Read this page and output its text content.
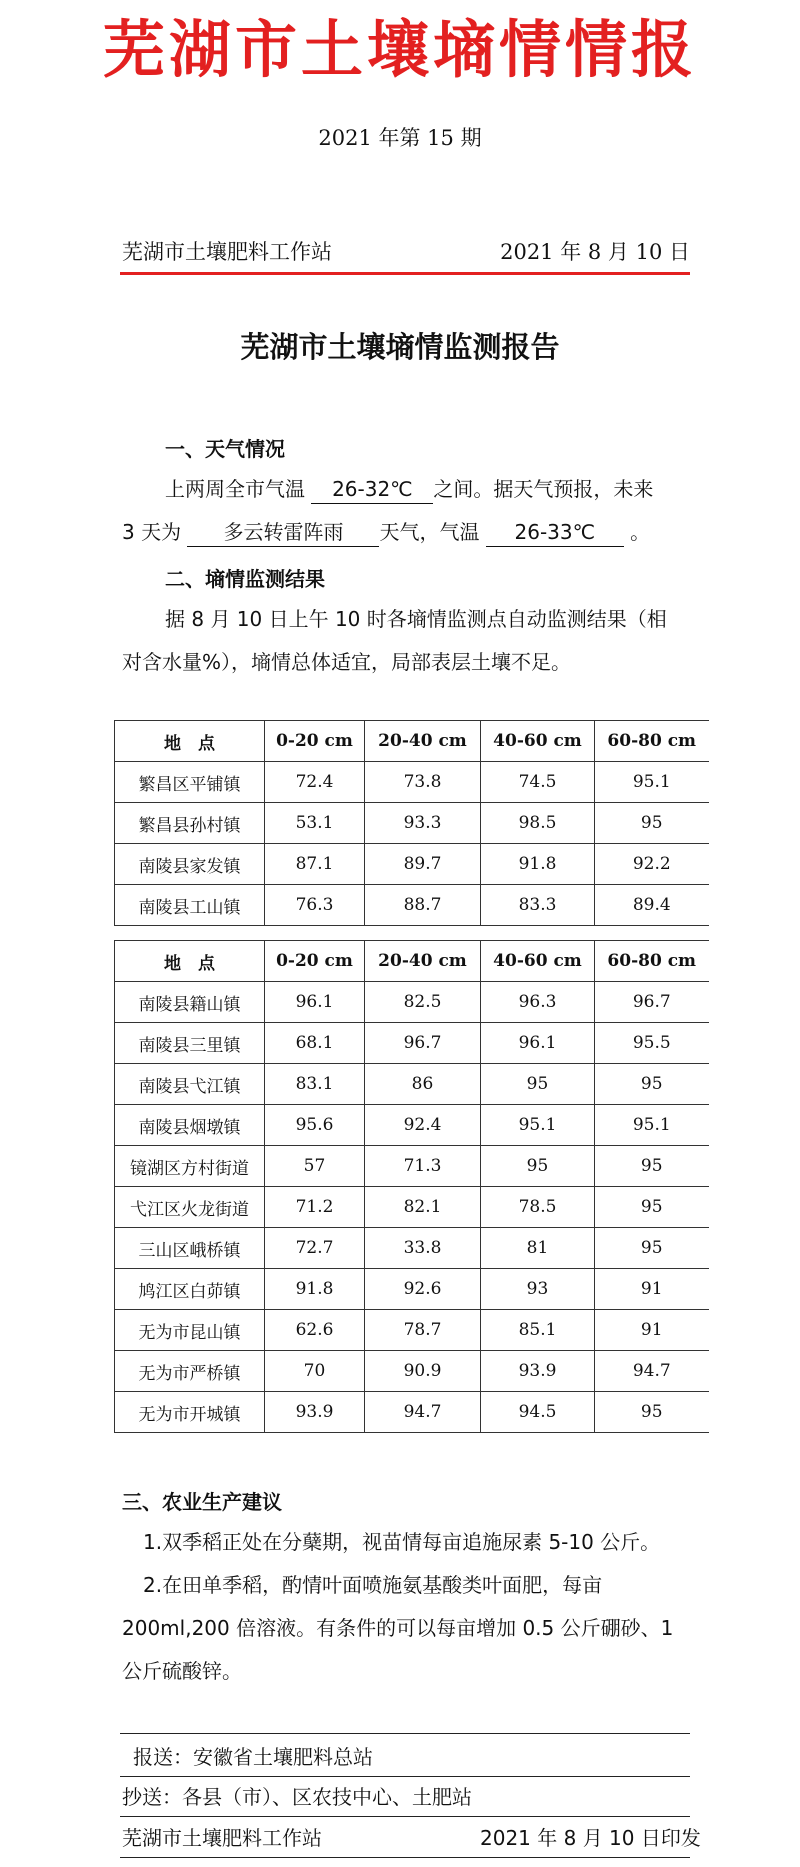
芜湖市土壤墒情情报
2021 年第 15 期
芜湖市土壤肥料工作站	2021 年 8 月 10 日
芜湖市土壤墒情监测报告
一、天气情况
上两周全市气温 26-32℃ 之间。据天气预报，未来
3 天为 多云转雷阵雨 天气，气温 26-33℃ 。
二、墒情监测结果
据 8 月 10 日上午 10 时各墒情监测点自动监测结果（相
对含水量%），墒情总体适宜，局部表层土壤不足。
地　点	0-20 cm	20-40 cm	40-60 cm	60-80 cm
繁昌区平铺镇	72.4	73.8	74.5	95.1
繁昌县孙村镇	53.1	93.3	98.5	95
南陵县家发镇	87.1	89.7	91.8	92.2
南陵县工山镇	76.3	88.7	83.3	89.4
地　点	0-20 cm	20-40 cm	40-60 cm	60-80 cm
南陵县籍山镇	96.1	82.5	96.3	96.7
南陵县三里镇	68.1	96.7	96.1	95.5
南陵县弋江镇	83.1	86	95	95
南陵县烟墩镇	95.6	92.4	95.1	95.1
镜湖区方村街道	57	71.3	95	95
弋江区火龙街道	71.2	82.1	78.5	95
三山区峨桥镇	72.7	33.8	81	95
鸠江区白茆镇	91.8	92.6	93	91
无为市昆山镇	62.6	78.7	85.1	91
无为市严桥镇	70	90.9	93.9	94.7
无为市开城镇	93.9	94.7	94.5	95
三、农业生产建议
1.双季稻正处在分蘖期，视苗情每亩追施尿素 5-10 公斤。
2.在田单季稻，酌情叶面喷施氨基酸类叶面肥，每亩
200ml,200 倍溶液。有条件的可以每亩增加 0.5 公斤硼砂、1
公斤硫酸锌。
报送：安徽省土壤肥料总站
抄送：各县（市）、区农技中心、土肥站
芜湖市土壤肥料工作站	2021 年 8 月 10 日印发
